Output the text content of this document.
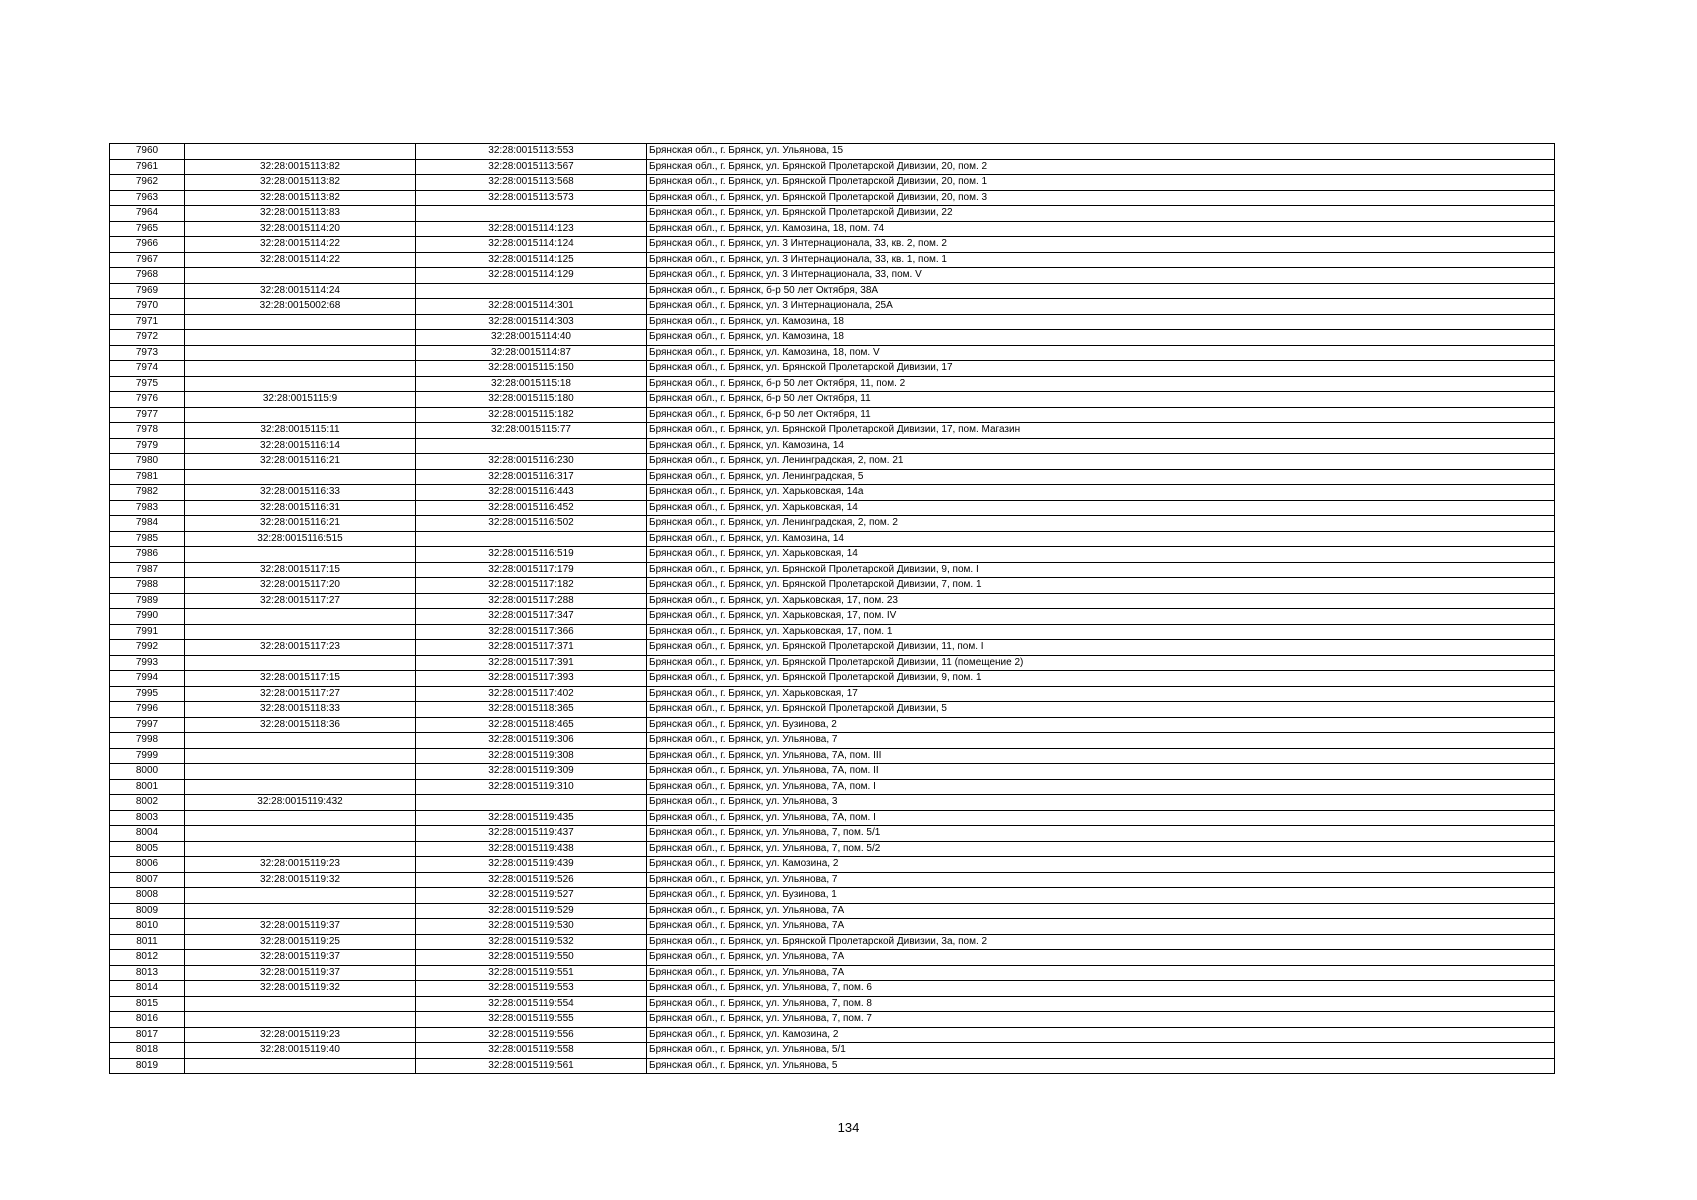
7960		32:28:0015113:553	Брянская обл., г. Брянск, ул. Ульянова, 15
7961	32:28:0015113:82	32:28:0015113:567	Брянская обл., г. Брянск, ул. Брянской Пролетарской Дивизии, 20, пом. 2
7962	32:28:0015113:82	32:28:0015113:568	Брянская обл., г. Брянск, ул. Брянской Пролетарской Дивизии, 20, пом. 1
7963	32:28:0015113:82	32:28:0015113:573	Брянская обл., г. Брянск, ул. Брянской Пролетарской Дивизии, 20, пом. 3
7964	32:28:0015113:83		Брянская обл., г. Брянск, ул. Брянской Пролетарской Дивизии, 22
7965	32:28:0015114:20	32:28:0015114:123	Брянская обл., г. Брянск, ул. Камозина, 18, пом. 74
7966	32:28:0015114:22	32:28:0015114:124	Брянская обл., г. Брянск, ул. 3 Интернационала, 33, кв. 2, пом. 2
7967	32:28:0015114:22	32:28:0015114:125	Брянская обл., г. Брянск, ул. 3 Интернационала, 33, кв. 1, пом. 1
7968		32:28:0015114:129	Брянская обл., г. Брянск, ул. 3 Интернационала, 33, пом. V
7969	32:28:0015114:24		Брянская обл., г. Брянск, б-р 50 лет Октября, 38А
7970	32:28:0015002:68	32:28:0015114:301	Брянская обл., г. Брянск, ул. 3 Интернационала, 25А
7971		32:28:0015114:303	Брянская обл., г. Брянск, ул. Камозина, 18
7972		32:28:0015114:40	Брянская обл., г. Брянск, ул. Камозина, 18
7973		32:28:0015114:87	Брянская обл., г. Брянск, ул. Камозина, 18, пом. V
7974		32:28:0015115:150	Брянская обл., г. Брянск, ул. Брянской Пролетарской Дивизии, 17
7975		32:28:0015115:18	Брянская обл., г. Брянск, б-р 50 лет Октября, 11, пом. 2
7976	32:28:0015115:9	32:28:0015115:180	Брянская обл., г. Брянск, б-р 50 лет Октября, 11
7977		32:28:0015115:182	Брянская обл., г. Брянск, б-р 50 лет Октября, 11
7978	32:28:0015115:11	32:28:0015115:77	Брянская обл., г. Брянск, ул. Брянской Пролетарской Дивизии, 17, пом. Магазин
7979	32:28:0015116:14		Брянская обл., г. Брянск, ул. Камозина, 14
7980	32:28:0015116:21	32:28:0015116:230	Брянская обл., г. Брянск, ул. Ленинградская, 2, пом. 21
7981		32:28:0015116:317	Брянская обл., г. Брянск, ул. Ленинградская, 5
7982	32:28:0015116:33	32:28:0015116:443	Брянская обл., г. Брянск, ул. Харьковская, 14а
7983	32:28:0015116:31	32:28:0015116:452	Брянская обл., г. Брянск, ул. Харьковская, 14
7984	32:28:0015116:21	32:28:0015116:502	Брянская обл., г. Брянск, ул. Ленинградская, 2, пом. 2
7985	32:28:0015116:515		Брянская обл., г. Брянск, ул. Камозина, 14
7986		32:28:0015116:519	Брянская обл., г. Брянск, ул. Харьковская, 14
7987	32:28:0015117:15	32:28:0015117:179	Брянская обл., г. Брянск, ул. Брянской Пролетарской Дивизии, 9, пом. I
7988	32:28:0015117:20	32:28:0015117:182	Брянская обл., г. Брянск, ул. Брянской Пролетарской Дивизии, 7, пом. 1
7989	32:28:0015117:27	32:28:0015117:288	Брянская обл., г. Брянск, ул. Харьковская, 17, пом. 23
7990		32:28:0015117:347	Брянская обл., г. Брянск, ул. Харьковская, 17, пом. IV
7991		32:28:0015117:366	Брянская обл., г. Брянск, ул. Харьковская, 17, пом. 1
7992	32:28:0015117:23	32:28:0015117:371	Брянская обл., г. Брянск, ул. Брянской Пролетарской Дивизии, 11, пом. I
7993		32:28:0015117:391	Брянская обл., г. Брянск, ул. Брянской Пролетарской Дивизии, 11 (помещение 2)
7994	32:28:0015117:15	32:28:0015117:393	Брянская обл., г. Брянск, ул. Брянской Пролетарской Дивизии, 9, пом. 1
7995	32:28:0015117:27	32:28:0015117:402	Брянская обл., г. Брянск, ул. Харьковская, 17
7996	32:28:0015118:33	32:28:0015118:365	Брянская обл., г. Брянск, ул. Брянской Пролетарской Дивизии, 5
7997	32:28:0015118:36	32:28:0015118:465	Брянская обл., г. Брянск, ул. Бузинова, 2
7998		32:28:0015119:306	Брянская обл., г. Брянск, ул. Ульянова, 7
7999		32:28:0015119:308	Брянская обл., г. Брянск, ул. Ульянова, 7А, пом. III
8000		32:28:0015119:309	Брянская обл., г. Брянск, ул. Ульянова, 7А, пом. II
8001		32:28:0015119:310	Брянская обл., г. Брянск, ул. Ульянова, 7А, пом. I
8002	32:28:0015119:432		Брянская обл., г. Брянск, ул. Ульянова, 3
8003		32:28:0015119:435	Брянская обл., г. Брянск, ул. Ульянова, 7А, пом. I
8004		32:28:0015119:437	Брянская обл., г. Брянск, ул. Ульянова, 7, пом. 5/1
8005		32:28:0015119:438	Брянская обл., г. Брянск, ул. Ульянова, 7, пом. 5/2
8006	32:28:0015119:23	32:28:0015119:439	Брянская обл., г. Брянск, ул. Камозина, 2
8007	32:28:0015119:32	32:28:0015119:526	Брянская обл., г. Брянск, ул. Ульянова, 7
8008		32:28:0015119:527	Брянская обл., г. Брянск, ул. Бузинова, 1
8009		32:28:0015119:529	Брянская обл., г. Брянск, ул. Ульянова, 7А
8010	32:28:0015119:37	32:28:0015119:530	Брянская обл., г. Брянск, ул. Ульянова, 7А
8011	32:28:0015119:25	32:28:0015119:532	Брянская обл., г. Брянск, ул. Брянской Пролетарской Дивизии, 3а, пом. 2
8012	32:28:0015119:37	32:28:0015119:550	Брянская обл., г. Брянск, ул. Ульянова, 7А
8013	32:28:0015119:37	32:28:0015119:551	Брянская обл., г. Брянск, ул. Ульянова, 7А
8014	32:28:0015119:32	32:28:0015119:553	Брянская обл., г. Брянск, ул. Ульянова, 7, пом. 6
8015		32:28:0015119:554	Брянская обл., г. Брянск, ул. Ульянова, 7, пом. 8
8016		32:28:0015119:555	Брянская обл., г. Брянск, ул. Ульянова, 7, пом. 7
8017	32:28:0015119:23	32:28:0015119:556	Брянская обл., г. Брянск, ул. Камозина, 2
8018	32:28:0015119:40	32:28:0015119:558	Брянская обл., г. Брянск, ул. Ульянова, 5/1
8019		32:28:0015119:561	Брянская обл., г. Брянск, ул. Ульянова, 5
134
